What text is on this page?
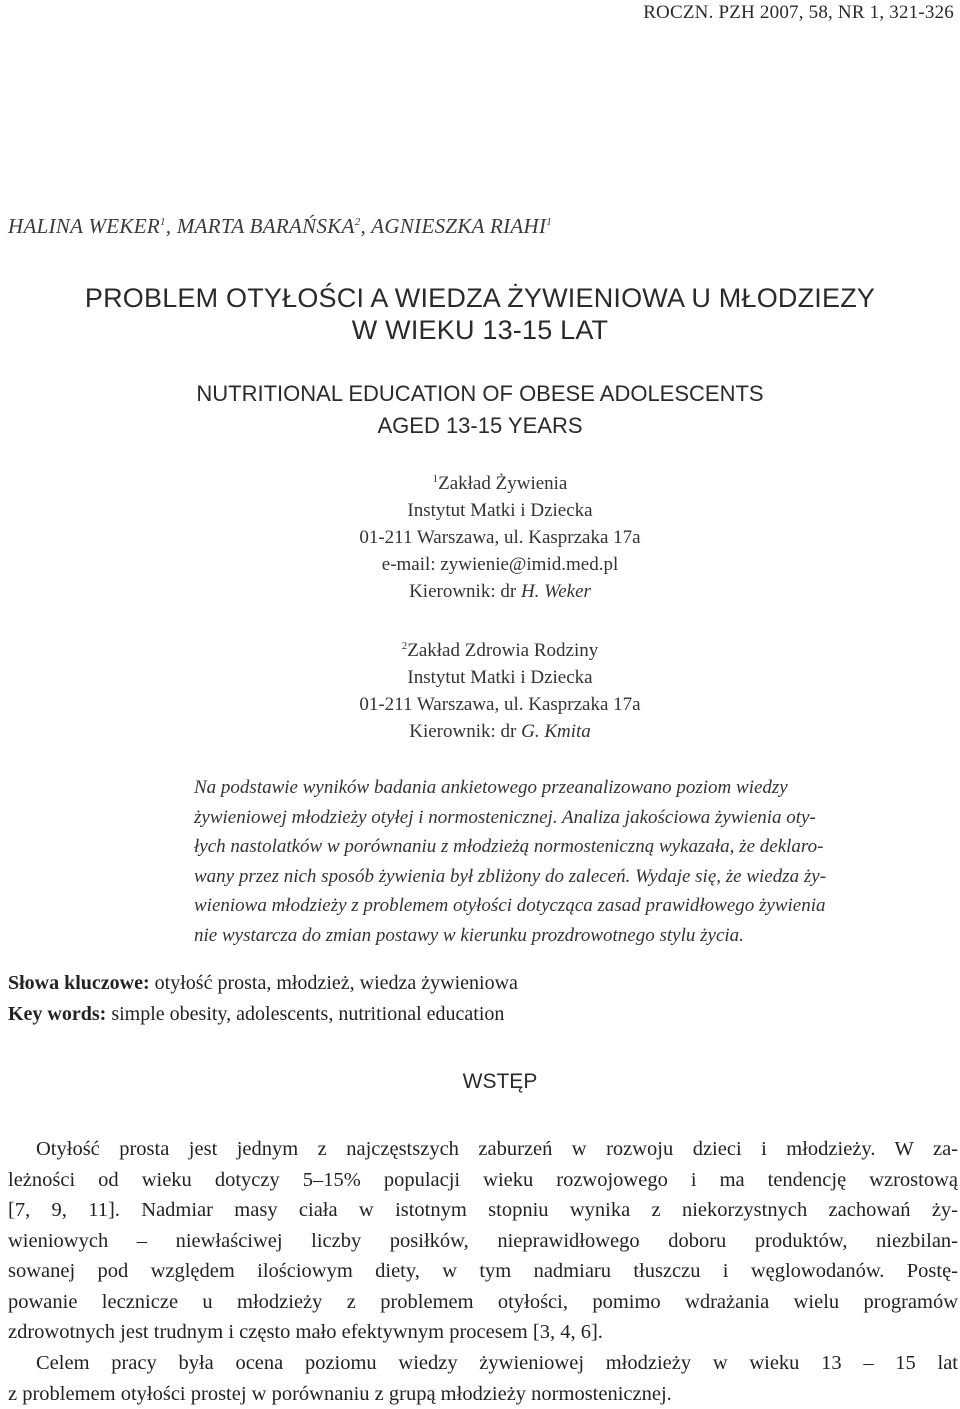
ROCZN. PZH 2007, 58, NR 1, 321-326
HALINA WEKER$^1$, MARTA BARAŃSKA$^2$, AGNIESZKA RIAHI$^1$
PROBLEM OTYŁOŚCI A WIEDZA ŻYWIENIOWA U MŁODZIEZY
W WIEKU 13-15 LAT
NUTRITIONAL EDUCATION OF OBESE ADOLESCENTS
AGED 13-15 YEARS
$^1$Zakład Żywienia
Instytut Matki i Dziecka
01-211 Warszawa, ul. Kasprzaka 17a
e-mail: zywienie@imid.med.pl
Kierownik: dr H. Weker
$^2$Zakład Zdrowia Rodziny
Instytut Matki i Dziecka
01-211 Warszawa, ul. Kasprzaka 17a
Kierownik: dr G. Kmita
Na podstawie wyników badania ankietowego przeanalizowano poziom wiedzy
żywieniowej młodzieży otyłej i normostenicznej. Analiza jakościowa żywienia oty-
łych nastolatków w porównaniu z młodzieżą normosteniczną wykazała, że deklaro-
wany przez nich sposób żywienia był zbliżony do zaleceń. Wydaje się, że wiedza ży-
wieniowa młodzieży z problemem otyłości dotycząca zasad prawidłowego żywienia
nie wystarcza do zmian postawy w kierunku prozdrowotnego stylu życia.
Słowa kluczowe: otyłość prosta, młodzież, wiedza żywieniowa
Key words: simple obesity, adolescents, nutritional education
WSTĘP
Otyłość prosta jest jednym z najczęstszych zaburzeń w rozwoju dzieci i młodzieży. W za-
leżności od wieku dotyczy 5–15% populacji wieku rozwojowego i ma tendencję wzrostową
[7, 9, 11]. Nadmiar masy ciała w istotnym stopniu wynika z niekorzystnych zachowań ży-
wieniowych – niewłaściwej liczby posiłków, nieprawidłowego doboru produktów, niezbilan-
sowanej pod względem ilościowym diety, w tym nadmiaru tłuszczu i węglowodanów. Postę-
powanie lecznicze u młodzieży z problemem otyłości, pomimo wdrażania wielu programów
zdrowotnych jest trudnym i często mało efektywnym procesem [3, 4, 6].
Celem pracy była ocena poziomu wiedzy żywieniowej młodzieży w wieku 13 – 15 lat
z problemem otyłości prostej w porównaniu z grupą młodzieży normostenicznej.
